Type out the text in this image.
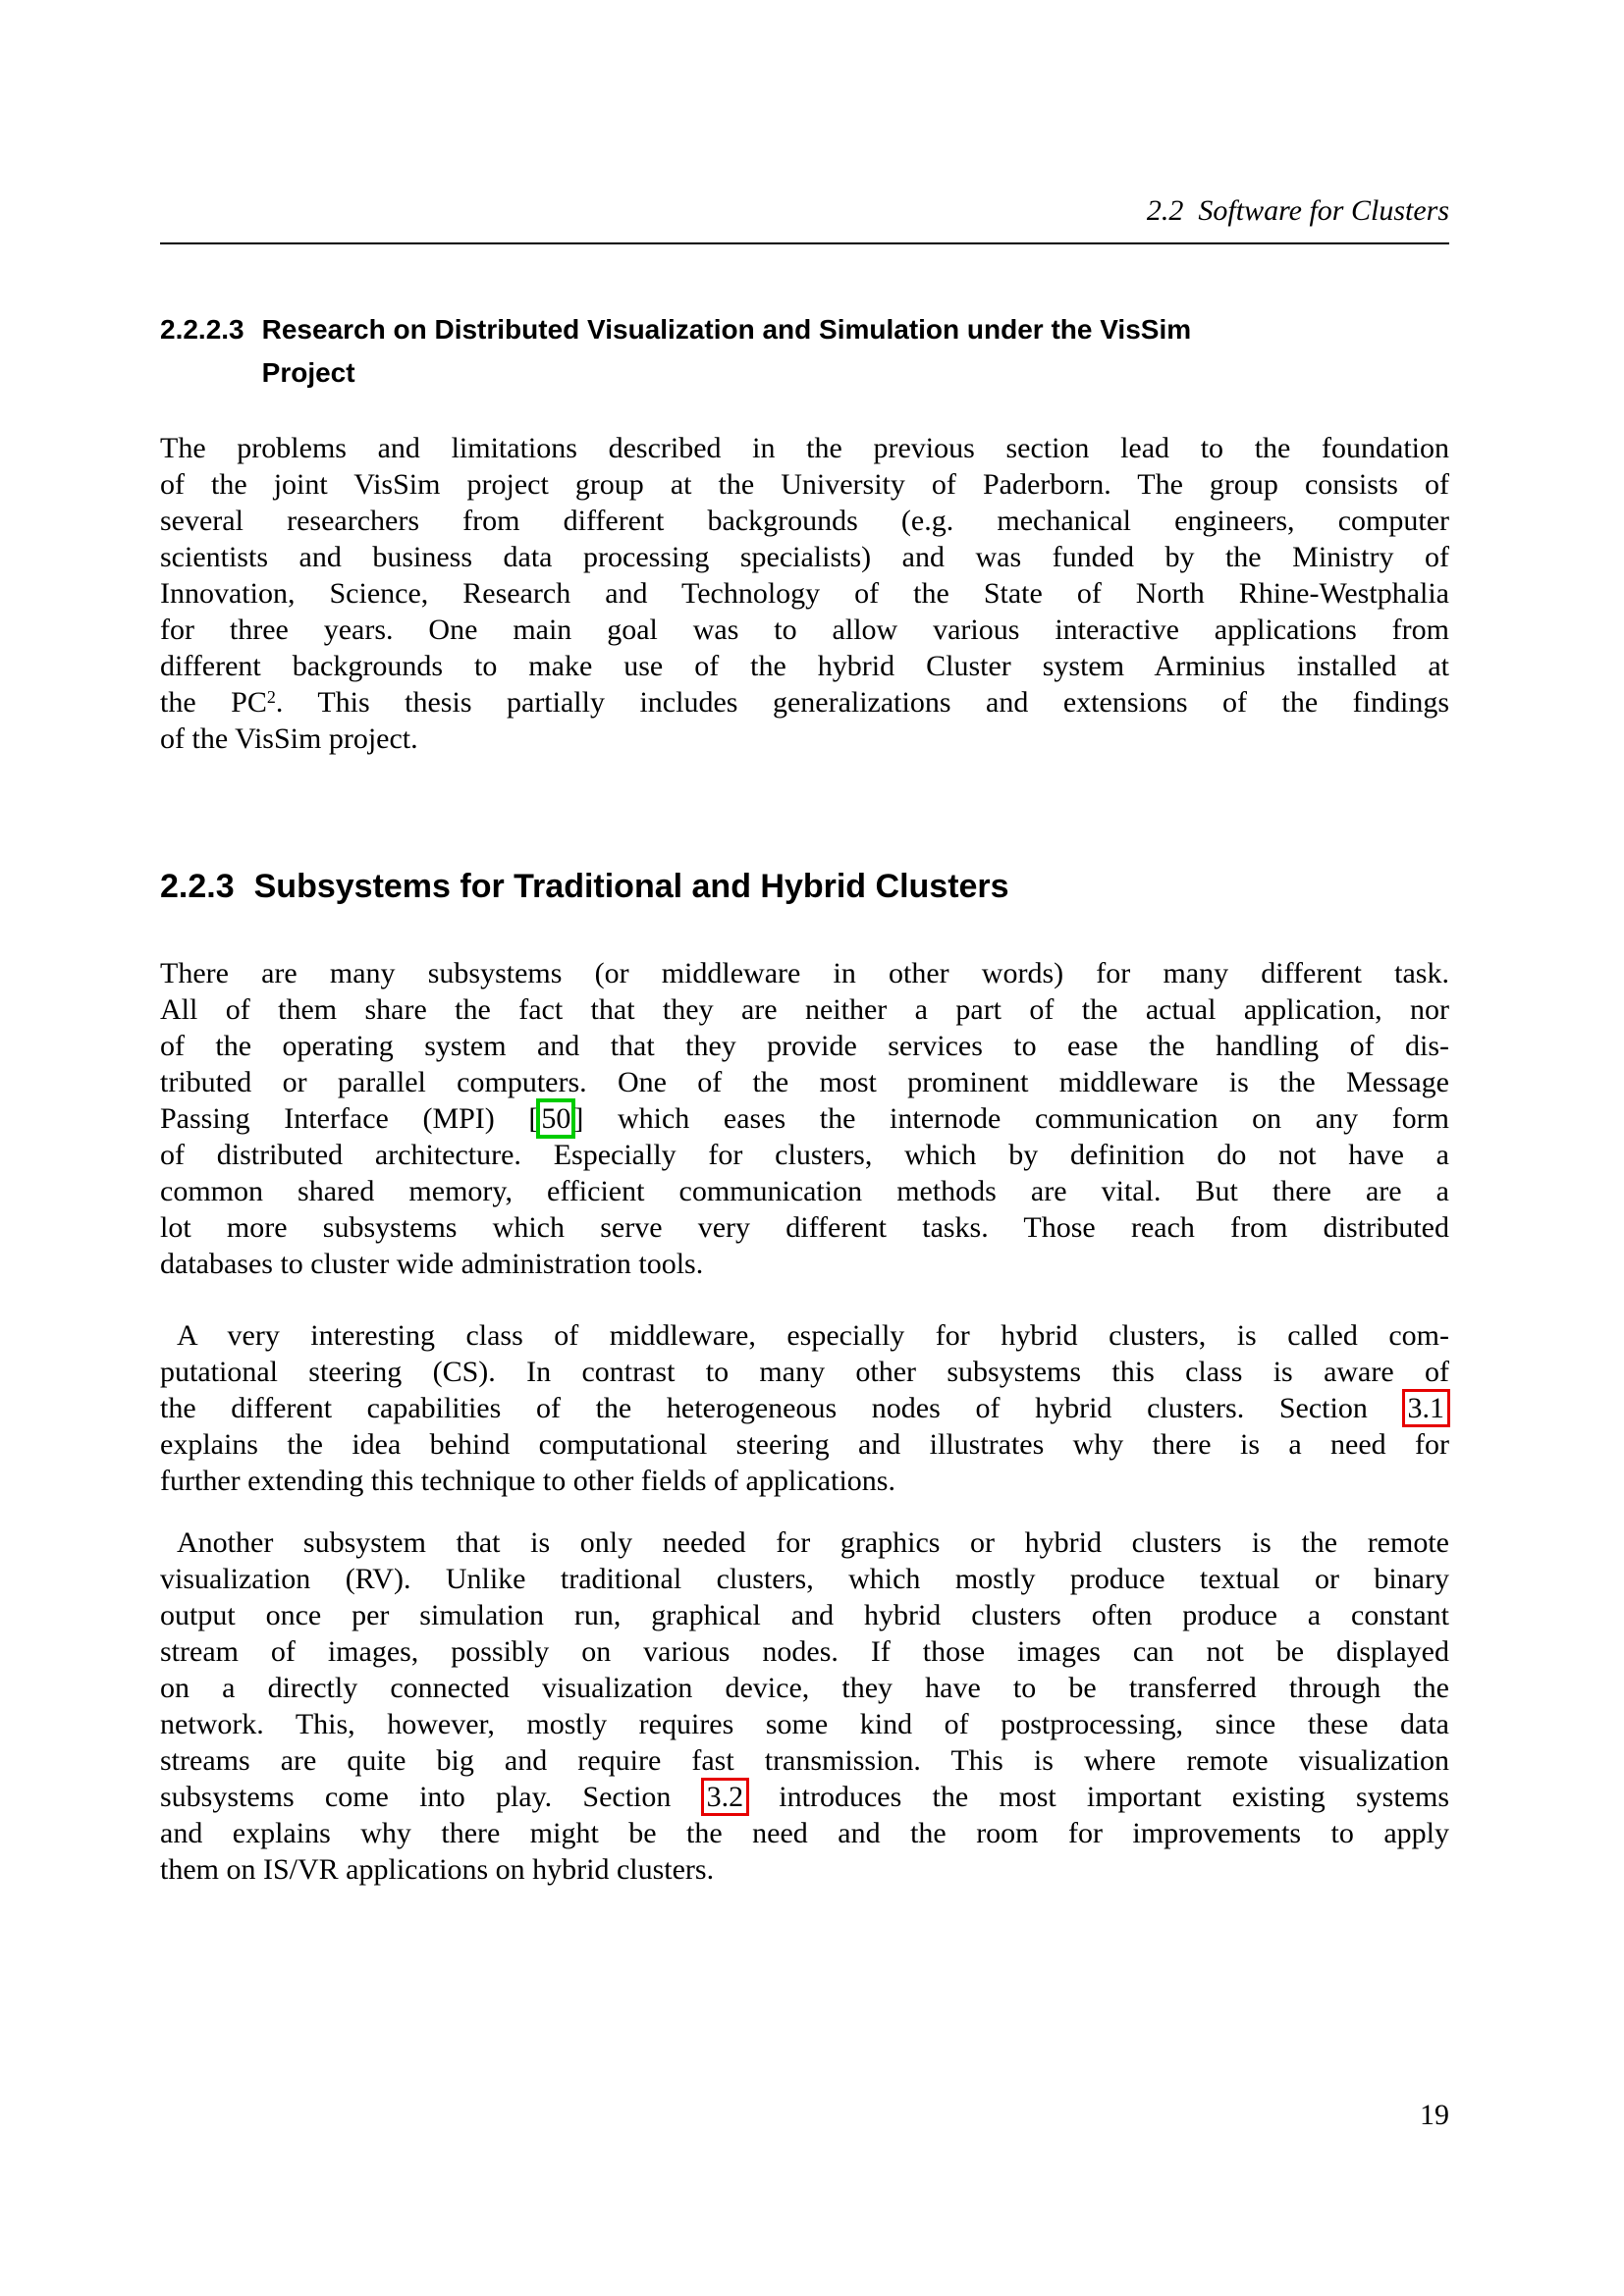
2.2  Software for Clusters
2.2.2.3 Research on Distributed Visualization and Simulation under the VisSim
Project
The problems and limitations described in the previous section lead to the foundation
of the joint VisSim project group at the University of Paderborn. The group consists of
several researchers from different backgrounds (e.g. mechanical engineers, computer
scientists and business data processing specialists) and was funded by the Ministry of
Innovation, Science, Research and Technology of the State of North Rhine-Westphalia
for three years. One main goal was to allow various interactive applications from
different backgrounds to make use of the hybrid Cluster system Arminius installed at
the $PC^2$. This thesis partially includes generalizations and extensions of the findings
of the VisSim project.
2.2.3 Subsystems for Traditional and Hybrid Clusters
There are many subsystems (or middleware in other words) for many different task.
All of them share the fact that they are neither a part of the actual application, nor
of the operating system and that they provide services to ease the handling of dis-
tributed or parallel computers. One of the most prominent middleware is the Message
Passing Interface (MPI) [ 50 ] which eases the internode communication on any form
of distributed architecture. Especially for clusters, which by definition do not have a
common shared memory, efficient communication methods are vital. But there are a
lot more subsystems which serve very different tasks. Those reach from distributed
databases to cluster wide administration tools.
A very interesting class of middleware, especially for hybrid clusters, is called com-
putational steering (CS). In contrast to many other subsystems this class is aware of
the different capabilities of the heterogeneous nodes of hybrid clusters. Section 3.1
explains the idea behind computational steering and illustrates why there is a need for
further extending this technique to other fields of applications.
Another subsystem that is only needed for graphics or hybrid clusters is the remote
visualization (RV). Unlike traditional clusters, which mostly produce textual or binary
output once per simulation run, graphical and hybrid clusters often produce a constant
stream of images, possibly on various nodes. If those images can not be displayed
on a directly connected visualization device, they have to be transferred through the
network. This, however, mostly requires some kind of postprocessing, since these data
streams are quite big and require fast transmission. This is where remote visualization
subsystems come into play. Section 3.2 introduces the most important existing systems
and explains why there might be the need and the room for improvements to apply
them on IS/VR applications on hybrid clusters.
19
